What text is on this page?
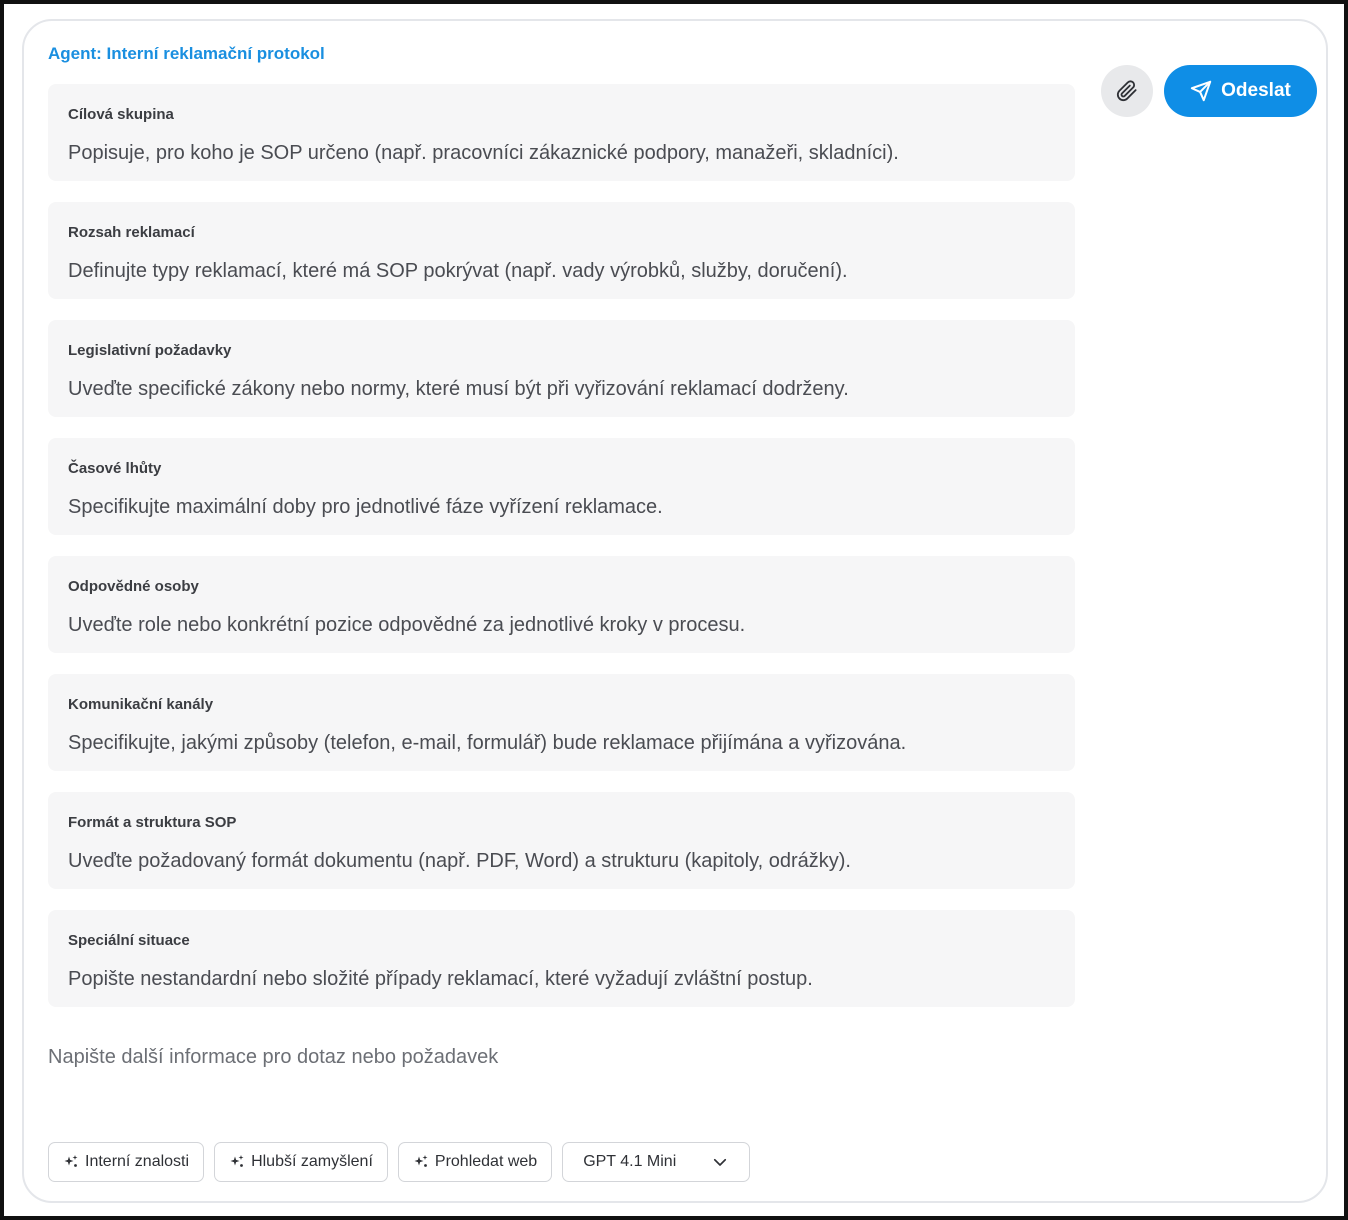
Agent: Interní reklamační protokol
Cílová skupina
Popisuje, pro koho je SOP určeno (např. pracovníci zákaznické podpory, manažeři, skladníci).
Rozsah reklamací
Definujte typy reklamací, které má SOP pokrývat (např. vady výrobků, služby, doručení).
Legislativní požadavky
Uveďte specifické zákony nebo normy, které musí být při vyřizování reklamací dodrženy.
Časové lhůty
Specifikujte maximální doby pro jednotlivé fáze vyřízení reklamace.
Odpovědné osoby
Uveďte role nebo konkrétní pozice odpovědné za jednotlivé kroky v procesu.
Komunikační kanály
Specifikujte, jakými způsoby (telefon, e-mail, formulář) bude reklamace přijímána a vyřizována.
Formát a struktura SOP
Uveďte požadovaný formát dokumentu (např. PDF, Word) a strukturu (kapitoly, odrážky).
Speciální situace
Popište nestandardní nebo složité případy reklamací, které vyžadují zvláštní postup.
Napište další informace pro dotaz nebo požadavek
Odeslat
Interní znalosti	Hlubší zamyšlení	Prohledat web	GPT 4.1 Mini
